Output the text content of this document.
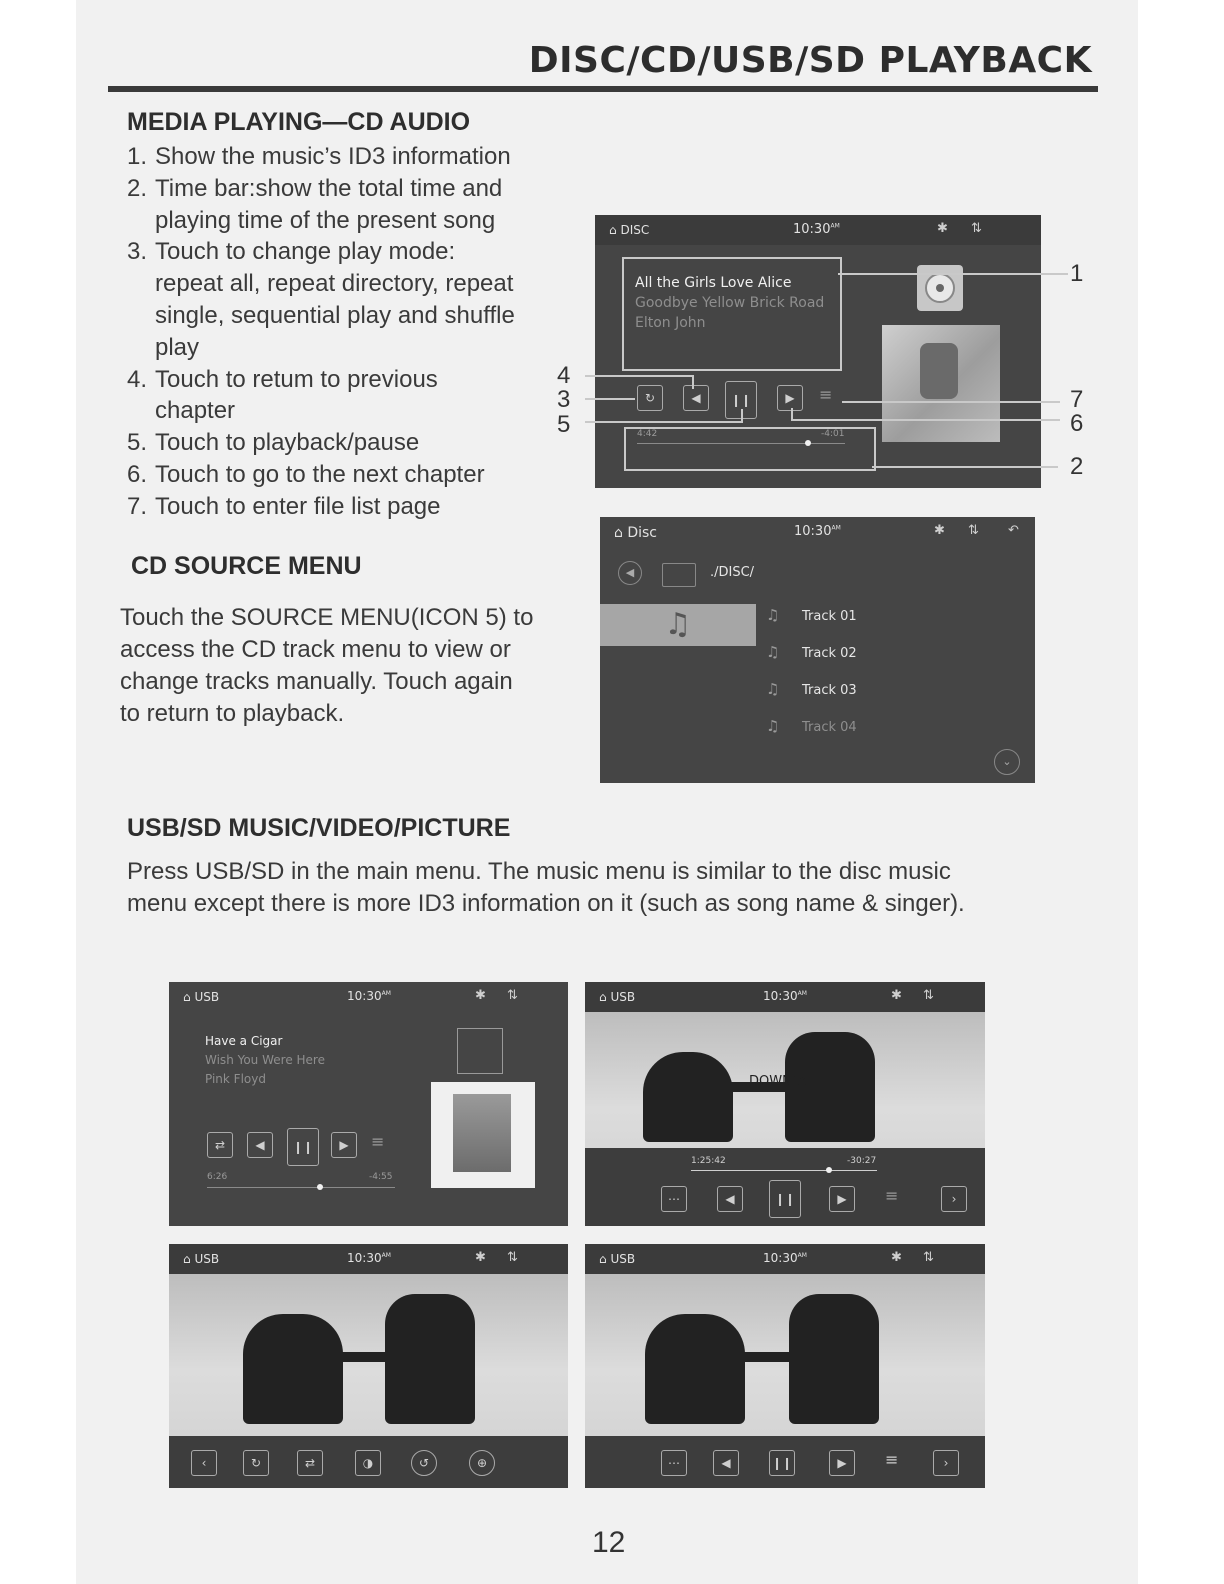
DISC/CD/USB/SD PLAYBACK
MEDIA PLAYING—CD AUDIO
1. Show the music’s ID3 information
2. Time bar:show the total time and
playing time of the present song
3. Touch to change play mode:
repeat all, repeat directory, repeat
single, sequential play and shuffle
play
4. Touch to retum to previous
chapter
5. Touch to playback/pause
6. Touch to go to the next chapter
7. Touch to enter file list page
CD SOURCE MENU
Touch the SOURCE MENU(ICON 5) to
access the CD track menu to view or
change tracks manually. Touch again
to return to playback.
USB/SD MUSIC/VIDEO/PICTURE
Press USB/SD in the main menu. The music menu is similar to the disc music
menu except there is more ID3 information on it (such as song name & singer).
⌂ DISC	$10:30^{AM}$	✱ ⇅
All the Girls Love Alice
Goodbye Yellow Brick Road
Elton John
↻	◀	❙❙	▶	≡
4:42	-4:01
1
2
3
4
5	6
7
⌂ Disc	$10:30^{AM}$	✱ ⇅ ↶
◀	./DISC/
♫	♫ Track 01
♫ Track 02
♫ Track 03
♫ Track 04
⌄
⌂ USB	$10:30^{AM}$	✱ ⇅
Have a Cigar
Wish You Were Here
Pink Floyd
⇄	◀	❙❙	▶	≡
6:26	-4:55
⌂ USB	$10:30^{AM}$	✱ ⇅
DOWNFALL
1:25:42	-30:27
⋯	◀	❙❙	▶	≡	›
⌂ USB	$10:30^{AM}$	✱ ⇅
‹	↻	⇄	◑	↺	⊕
⌂ USB	$10:30^{AM}$	✱ ⇅
⋯	◀	❙❙	▶	≡	›
12
